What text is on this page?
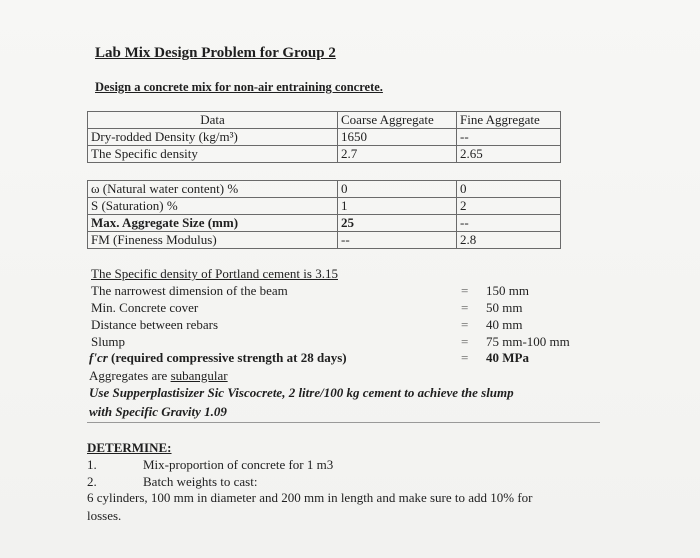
Lab Mix Design Problem for Group 2
Design a concrete mix for non-air entraining concrete.
Data	Coarse Aggregate	Fine Aggregate
Dry-rodded Density (kg/m³)	1650	--
The Specific density	2.7	2.65
ω (Natural water content) %	0	0
S (Saturation) %	1	2
Max. Aggregate Size (mm)	25	--
FM (Fineness Modulus)	--	2.8
The Specific density of Portland cement is 3.15
The narrowest dimension of the beam	= 150 mm
Min. Concrete cover	= 50 mm
Distance between rebars	= 40 mm
Slump	= 75 mm-100 mm
f'cr (required compressive strength at 28 days)	= 40 MPa
Aggregates are subangular
Use Supperplastisizer Sic Viscocrete, 2 litre/100 kg cement to achieve the slump
with Specific Gravity 1.09
DETERMINE:
1.	Mix-proportion of concrete for 1 m3
2.	Batch weights to cast:
6 cylinders, 100 mm in diameter and 200 mm in length and make sure to add 10% for
losses.
